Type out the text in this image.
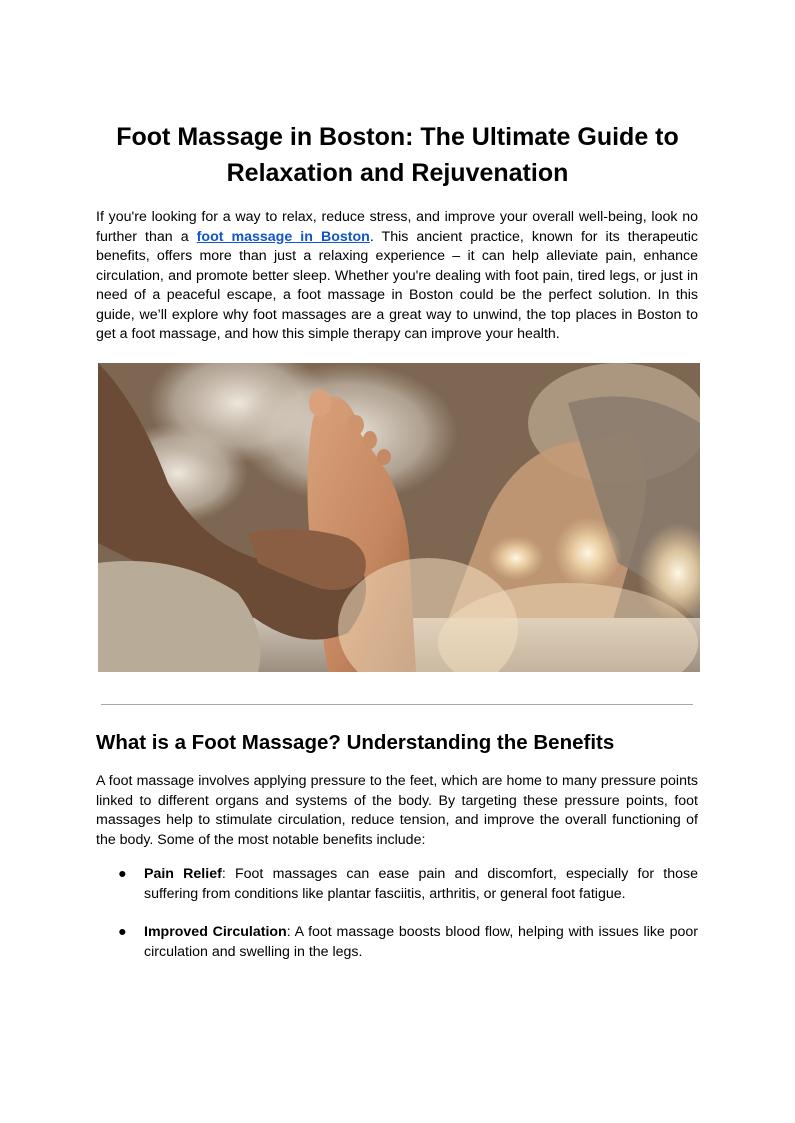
Foot Massage in Boston: The Ultimate Guide to Relaxation and Rejuvenation

If you're looking for a way to relax, reduce stress, and improve your overall well-being, look no further than a foot massage in Boston. This ancient practice, known for its therapeutic benefits, offers more than just a relaxing experience – it can help alleviate pain, enhance circulation, and promote better sleep. Whether you're dealing with foot pain, tired legs, or just in need of a peaceful escape, a foot massage in Boston could be the perfect solution. In this guide, we’ll explore why foot massages are a great way to unwind, the top places in Boston to get a foot massage, and how this simple therapy can improve your health.

What is a Foot Massage? Understanding the Benefits

A foot massage involves applying pressure to the feet, which are home to many pressure points linked to different organs and systems of the body. By targeting these pressure points, foot massages help to stimulate circulation, reduce tension, and improve the overall functioning of the body. Some of the most notable benefits include:

● Pain Relief: Foot massages can ease pain and discomfort, especially for those suffering from conditions like plantar fasciitis, arthritis, or general foot fatigue.
● Improved Circulation: A foot massage boosts blood flow, helping with issues like poor circulation and swelling in the legs.
